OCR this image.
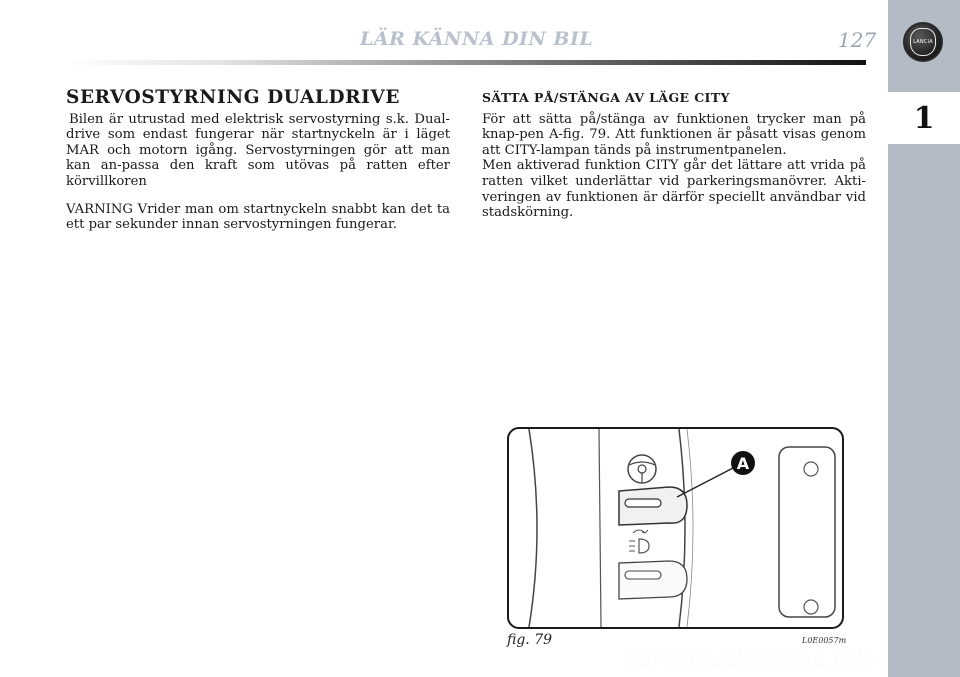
LÄR KÄNNA DIN BIL	127	LANCIA
1
SERVOSTYRNING DUALDRIVE

Bilen är utrustad med elektrisk servostyrning s.k. Dual-drive som endast fungerar när startnyckeln är i läget MAR och motorn igång. Servostyrningen gör att man kan an-passa den kraft som utövas på ratten efter körvillkoren

VARNING Vrider man om startnyckeln snabbt kan det ta ett par sekunder innan servostyrningen fungerar.

SÄTTA PÅ/STÄNGA AV LÄGE CITY

För att sätta på/stänga av funktionen trycker man på knap-pen A-fig. 79. Att funktionen är påsatt visas genom att CITY-lampan tänds på instrumentpanelen.

Men aktiverad funktion CITY går det lättare att vrida på ratten vilket underlättar vid parkeringsmanövrer. Akti-veringen av funktionen är därför speciellt användbar vid stadskörning.

A
fig. 79	L0E0057m
carmanualsonline.info
